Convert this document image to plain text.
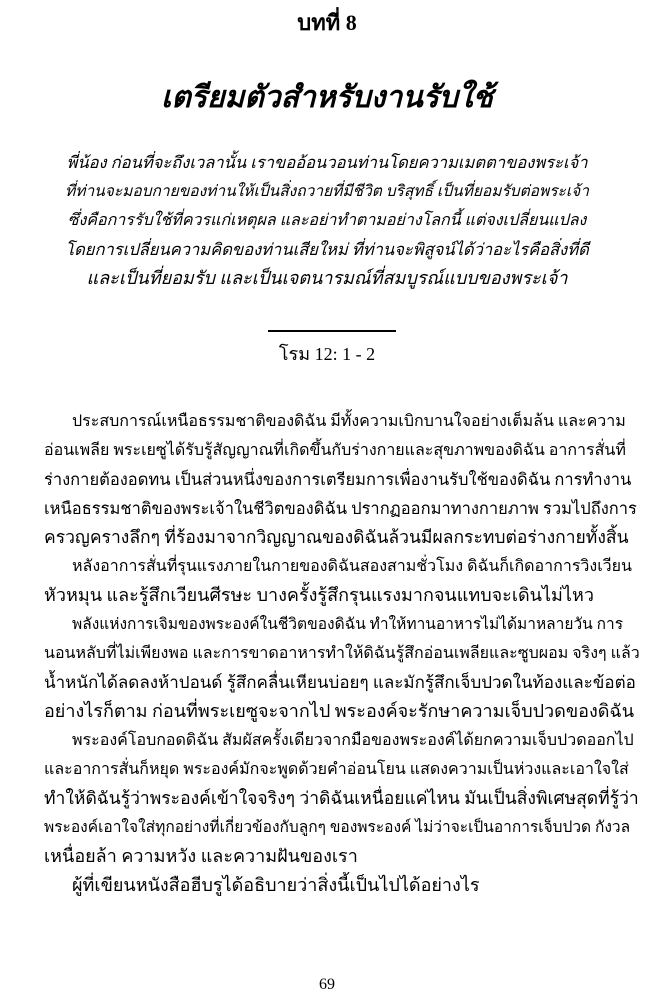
บทที่ 8
เตรียมตัวสำหรับงานรับใช้
พี่น้อง ก่อนที่จะถึงเวลานั้น เราขออ้อนวอนท่านโดยความเมตตาของพระเจ้า
ที่ท่านจะมอบกายของท่านให้เป็นสิ่งถวายที่มีชีวิต บริสุทธิ์ เป็นที่ยอมรับต่อพระเจ้า
ซึ่งคือการรับใช้ที่ควรแก่เหตุผล และอย่าทำตามอย่างโลกนี้ แต่จงเปลี่ยนแปลง
โดยการเปลี่ยนความคิดของท่านเสียใหม่ ที่ท่านจะพิสูจน์ได้ว่าอะไรคือสิ่งที่ดี
และเป็นที่ยอมรับ และเป็นเจตนารมณ์ที่สมบูรณ์แบบของพระเจ้า
โรม 12: 1 - 2
ประสบการณ์เหนือธรรมชาติของดิฉัน มีทั้งความเบิกบานใจอย่างเต็มล้น และความ
อ่อนเพลีย พระเยซูได้รับรู้สัญญาณที่เกิดขึ้นกับร่างกายและสุขภาพของดิฉัน อาการสั่นที่
ร่างกายต้องอดทน เป็นส่วนหนึ่งของการเตรียมการเพื่องานรับใช้ของดิฉัน การทำงาน
เหนือธรรมชาติของพระเจ้าในชีวิตของดิฉัน ปรากฏออกมาทางกายภาพ รวมไปถึงการ
ครวญครางลึกๆ ที่ร้องมาจากวิญญาณของดิฉันล้วนมีผลกระทบต่อร่างกายทั้งสิ้น
หลังอาการสั่นที่รุนแรงภายในกายของดิฉันสองสามชั่วโมง ดิฉันก็เกิดอาการวิงเวียน
หัวหมุน และรู้สึกเวียนศีรษะ บางครั้งรู้สึกรุนแรงมากจนแทบจะเดินไม่ไหว
พลังแห่งการเจิมของพระองค์ในชีวิตของดิฉัน ทำให้ทานอาหารไม่ได้มาหลายวัน การ
นอนหลับที่ไม่เพียงพอ และการขาดอาหารทำให้ดิฉันรู้สึกอ่อนเพลียและซูบผอม จริงๆ แล้ว
น้ำหนักได้ลดลงห้าปอนด์ รู้สึกคลื่นเหียนบ่อยๆ และมักรู้สึกเจ็บปวดในท้องและข้อต่อ
อย่างไรก็ตาม ก่อนที่พระเยซูจะจากไป พระองค์จะรักษาความเจ็บปวดของดิฉัน
พระองค์โอบกอดดิฉัน สัมผัสครั้งเดียวจากมือของพระองค์ได้ยกความเจ็บปวดออกไป
และอาการสั่นก็หยุด พระองค์มักจะพูดด้วยคำอ่อนโยน แสดงความเป็นห่วงและเอาใจใส่
ทำให้ดิฉันรู้ว่าพระองค์เข้าใจจริงๆ ว่าดิฉันเหนื่อยแค่ไหน มันเป็นสิ่งพิเศษสุดที่รู้ว่า
พระองค์เอาใจใส่ทุกอย่างที่เกี่ยวข้องกับลูกๆ ของพระองค์ ไม่ว่าจะเป็นอาการเจ็บปวด กังวล
เหนื่อยล้า ความหวัง และความฝันของเรา
ผู้ที่เขียนหนังสือฮีบรูได้อธิบายว่าสิ่งนี้เป็นไปได้อย่างไร
69
